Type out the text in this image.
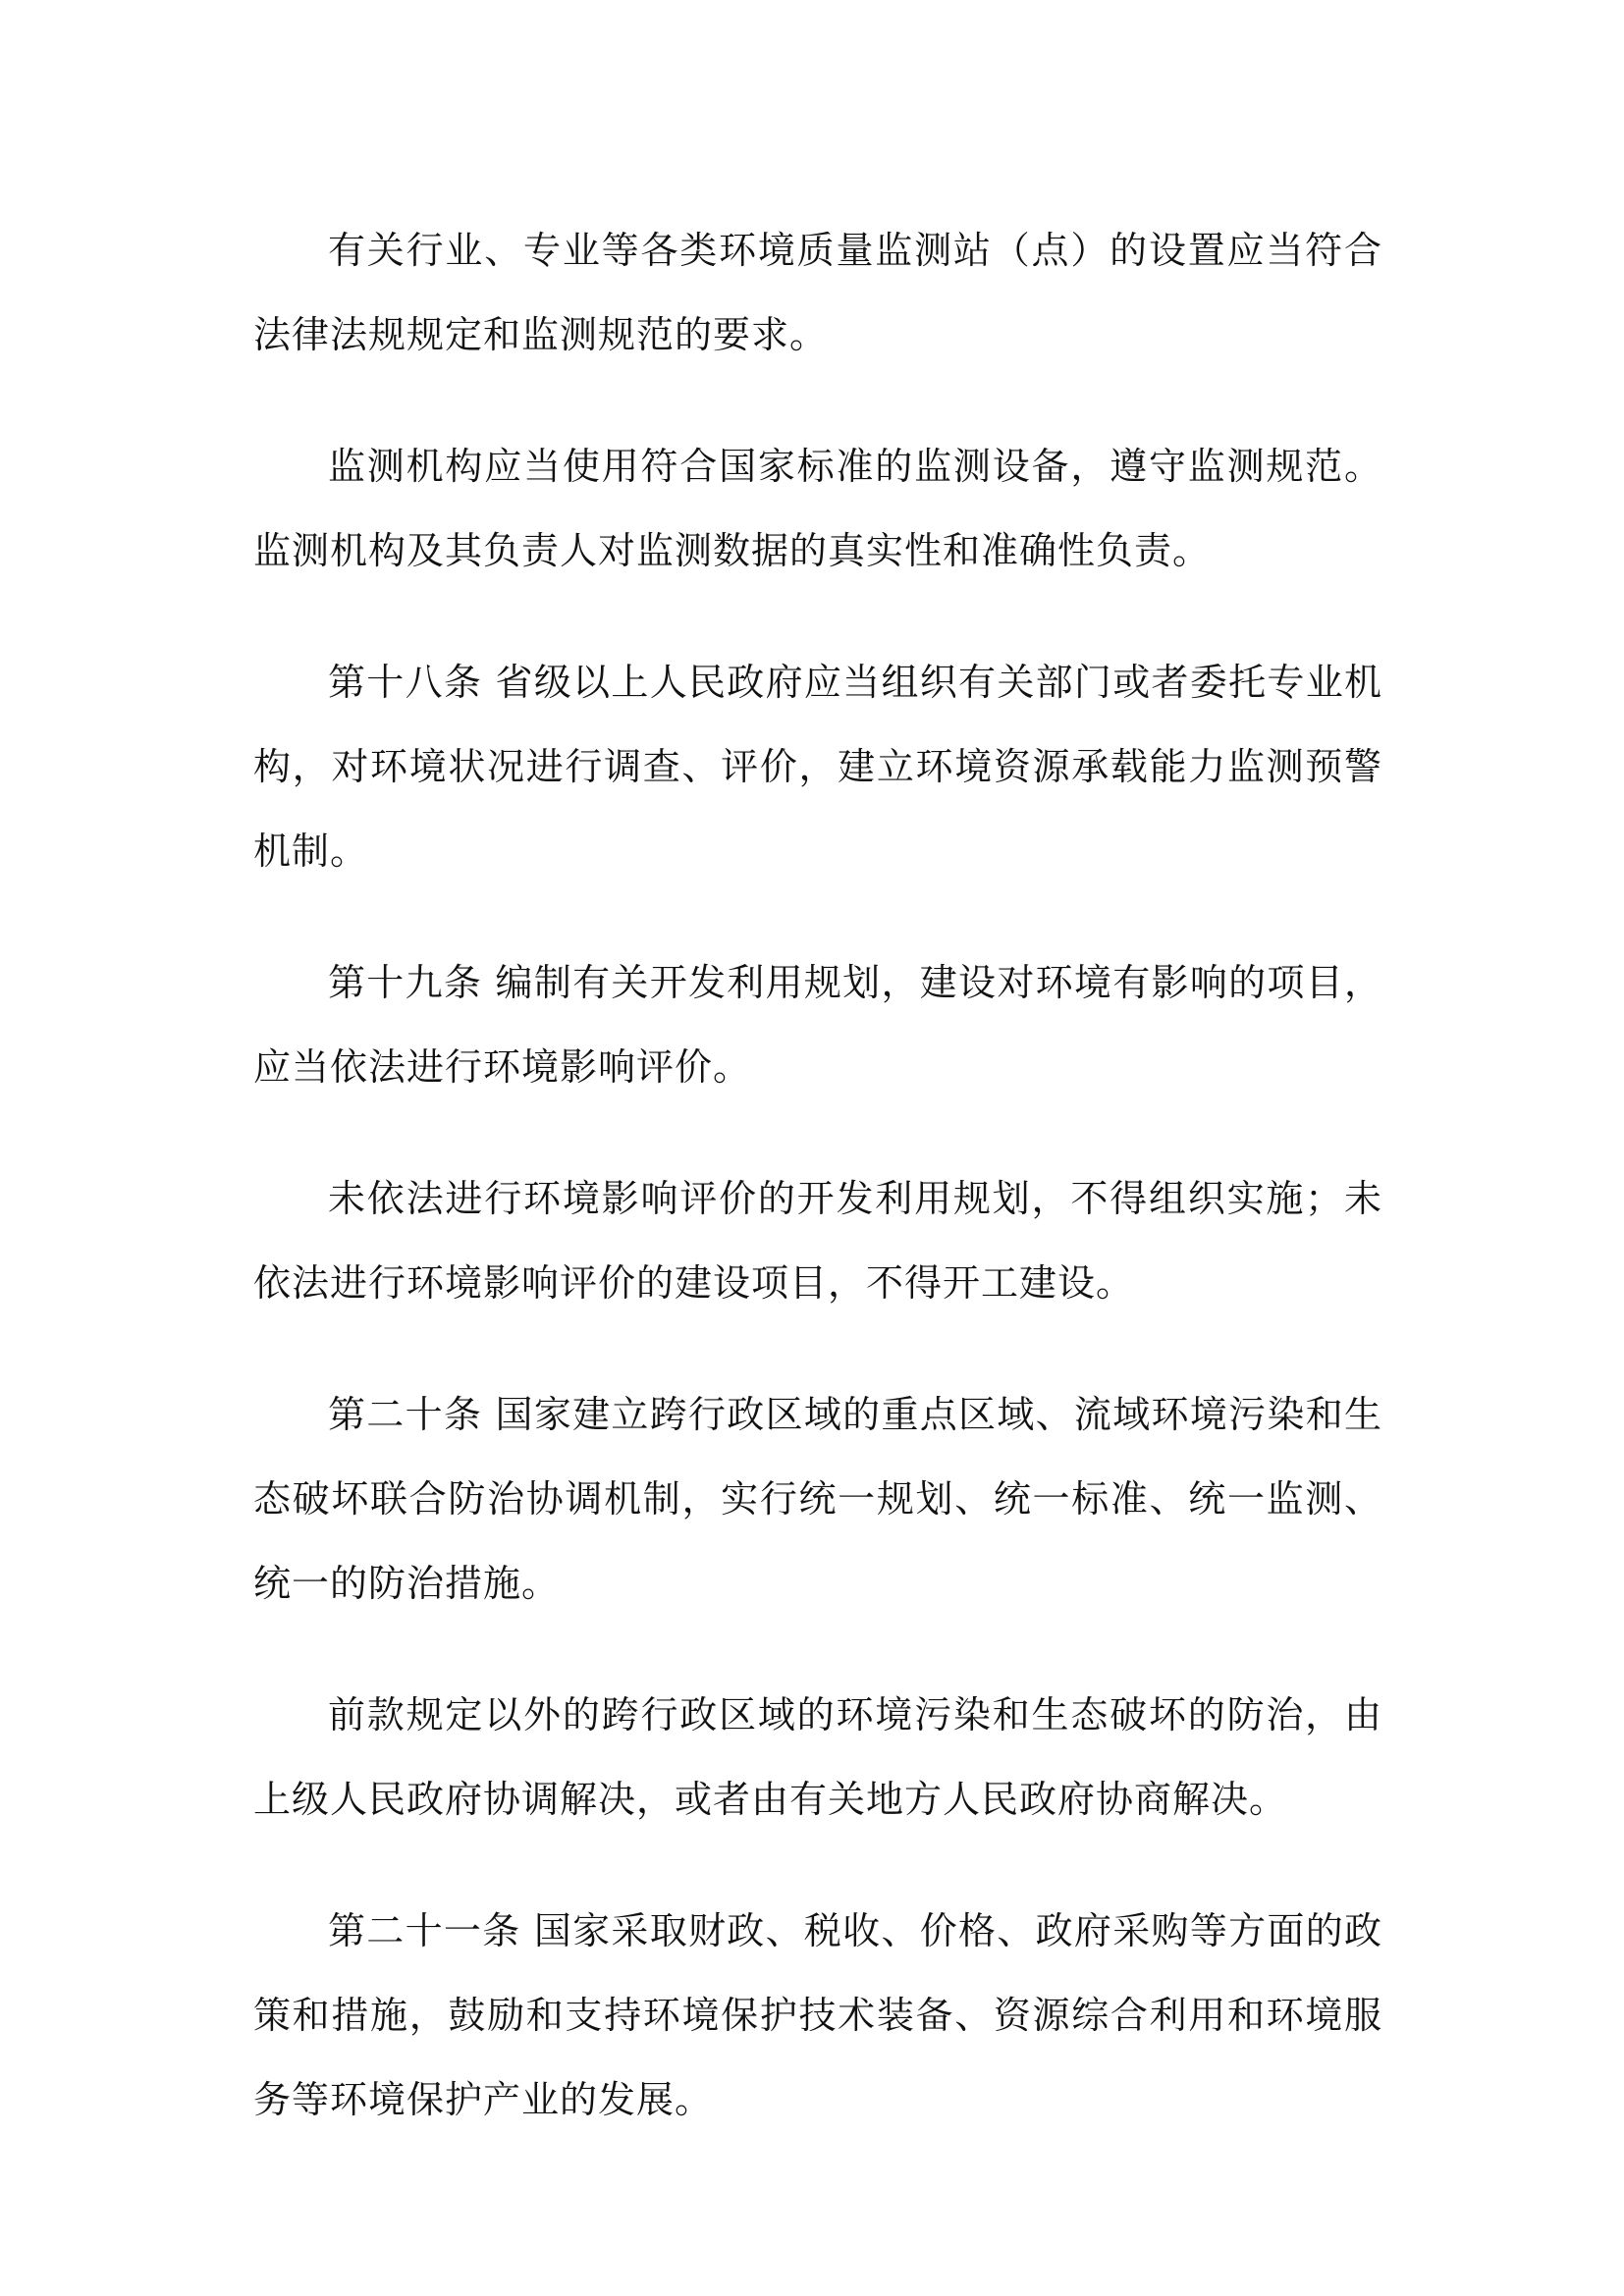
有关行业、专业等各类环境质量监测站（点）的设置应当符合法律法规规定和监测规范的要求。

监测机构应当使用符合国家标准的监测设备，遵守监测规范。监测机构及其负责人对监测数据的真实性和准确性负责。

第十八条 省级以上人民政府应当组织有关部门或者委托专业机构，对环境状况进行调查、评价，建立环境资源承载能力监测预警机制。

第十九条 编制有关开发利用规划，建设对环境有影响的项目，应当依法进行环境影响评价。

未依法进行环境影响评价的开发利用规划，不得组织实施；未依法进行环境影响评价的建设项目，不得开工建设。

第二十条 国家建立跨行政区域的重点区域、流域环境污染和生态破坏联合防治协调机制，实行统一规划、统一标准、统一监测、统一的防治措施。

前款规定以外的跨行政区域的环境污染和生态破坏的防治，由上级人民政府协调解决，或者由有关地方人民政府协商解决。

第二十一条 国家采取财政、税收、价格、政府采购等方面的政策和措施，鼓励和支持环境保护技术装备、资源综合利用和环境服务等环境保护产业的发展。
